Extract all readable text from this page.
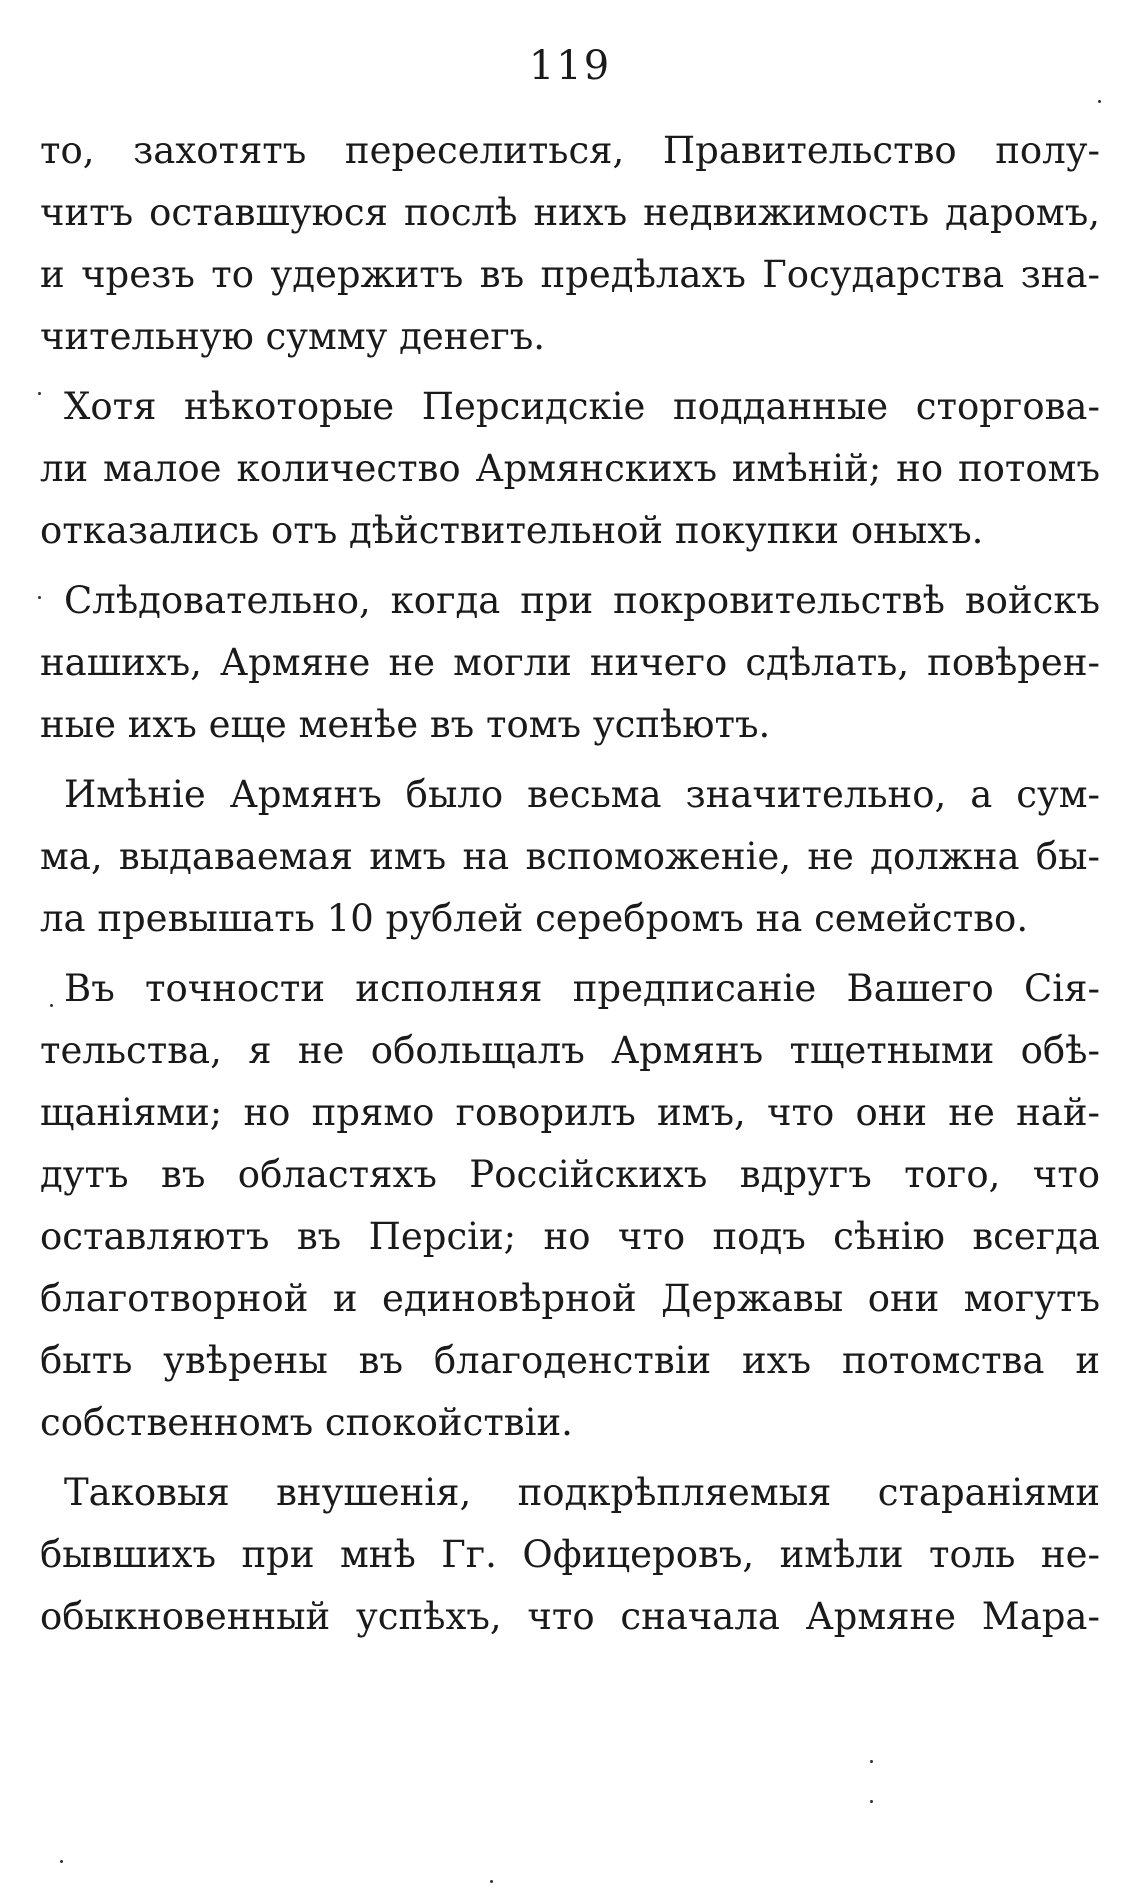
119
то, захотятъ переселиться, Правительство полу-
читъ оставшуюся послѣ нихъ недвижимость даромъ,
и чрезъ то удержитъ въ предѣлахъ Государства зна-
чительную сумму денегъ.
Хотя нѣкоторые Персидскіе подданные сторгова-
ли малое количество Армянскихъ имѣній; но потомъ
отказались отъ дѣйствительной покупки оныхъ.
Слѣдовательно, когда при покровительствѣ войскъ
нашихъ, Армяне не могли ничего сдѣлать, повѣрен-
ные ихъ еще менѣе въ томъ успѣютъ.
Имѣніе Армянъ было весьма значительно, а сум-
ма, выдаваемая имъ на вспоможеніе, не должна бы-
ла превышать 10 рублей серебромъ на семейство.
Въ точности исполняя предписаніе Вашего Сія-
тельства, я не обольщалъ Армянъ тщетными обѣ-
щаніями; но прямо говорилъ имъ, что они не най-
дутъ въ областяхъ Россійскихъ вдругъ того, что
оставляютъ въ Персіи; но что подъ сѣнію всегда
благотворной и единовѣрной Державы они могутъ
быть увѣрены въ благоденствіи ихъ потомства и
собственномъ спокойствіи.
Таковыя внушенія, подкрѣпляемыя стараніями
бывшихъ при мнѣ Гг. Офицеровъ, имѣли толь не-
обыкновенный успѣхъ, что сначала Армяне Мара-
